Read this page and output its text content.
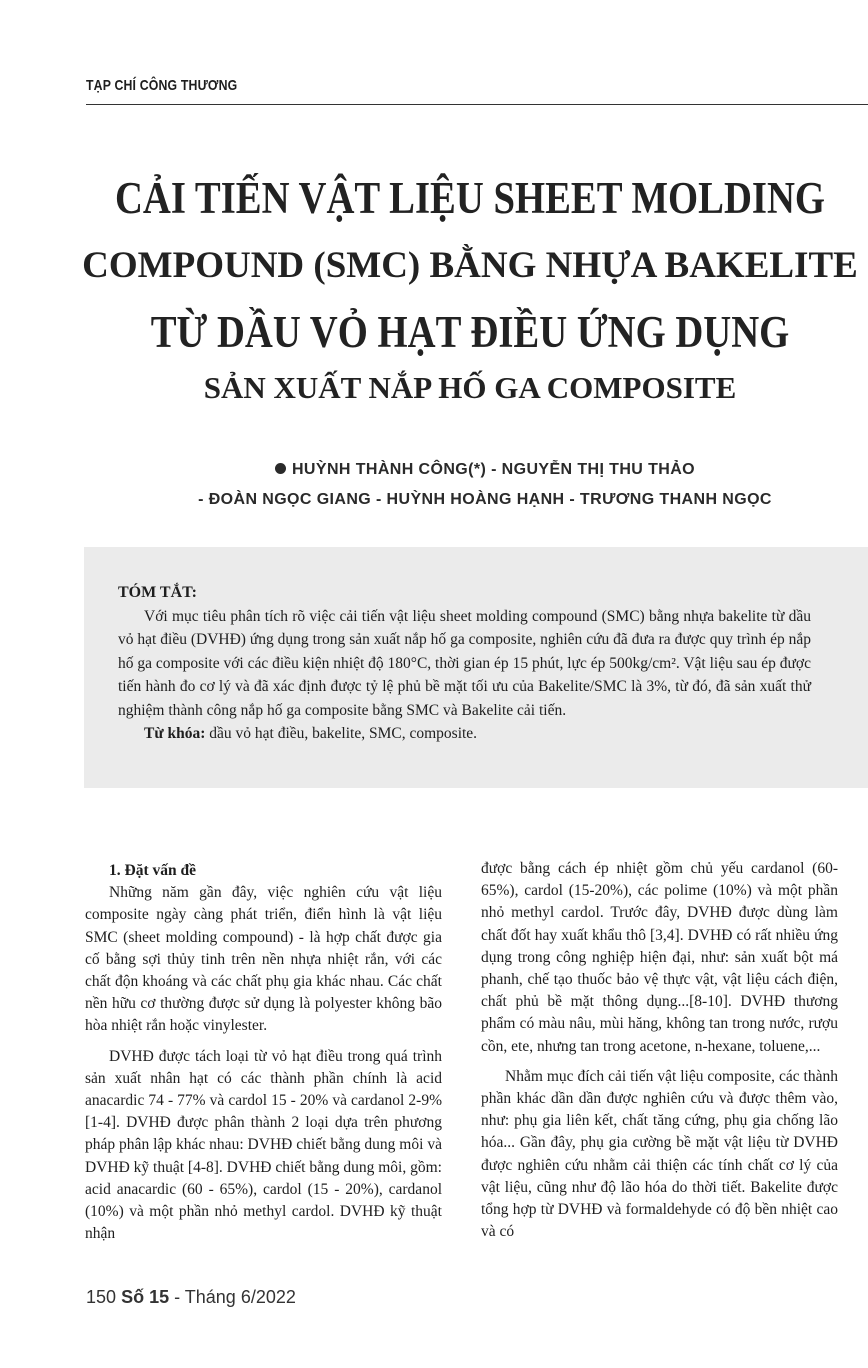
TẠP CHÍ CÔNG THƯƠNG
CẢI TIẾN VẬT LIỆU SHEET MOLDING
COMPOUND (SMC) BẰNG NHỰA BAKELITE
TỪ DẦU VỎ HẠT ĐIỀU ỨNG DỤNG
SẢN XUẤT NẮP HỐ GA COMPOSITE
HUỲNH THÀNH CÔNG(*) - NGUYỄN THỊ THU THẢO
- ĐOÀN NGỌC GIANG - HUỲNH HOÀNG HẠNH - TRƯƠNG THANH NGỌC
TÓM TẮT:

Với mục tiêu phân tích rõ việc cải tiến vật liệu sheet molding compound (SMC) bằng nhựa bakelite từ dầu vỏ hạt điều (DVHĐ) ứng dụng trong sản xuất nắp hố ga composite, nghiên cứu đã đưa ra được quy trình ép nắp hố ga composite với các điều kiện nhiệt độ 180°C, thời gian ép 15 phút, lực ép 500kg/cm². Vật liệu sau ép được tiến hành đo cơ lý và đã xác định được tỷ lệ phủ bề mặt tối ưu của Bakelite/SMC là 3%, từ đó, đã sản xuất thử nghiệm thành công nắp hố ga composite bằng SMC và Bakelite cải tiến.

Từ khóa: dầu vỏ hạt điều, bakelite, SMC, composite.

1. Đặt vấn đề

Những năm gần đây, việc nghiên cứu vật liệu composite ngày càng phát triển, điển hình là vật liệu SMC (sheet molding compound) - là hợp chất được gia cố bằng sợi thủy tinh trên nền nhựa nhiệt rắn, với các chất độn khoáng và các chất phụ gia khác nhau. Các chất nền hữu cơ thường được sử dụng là polyester không bão hòa nhiệt rắn hoặc vinylester.

DVHĐ được tách loại từ vỏ hạt điều trong quá trình sản xuất nhân hạt có các thành phần chính là acid anacardic 74 - 77% và cardol 15 - 20% và cardanol 2-9% [1-4]. DVHĐ được phân thành 2 loại dựa trên phương pháp phân lập khác nhau: DVHĐ chiết bằng dung môi và DVHĐ kỹ thuật [4-8]. DVHĐ chiết bằng dung môi, gồm: acid anacardic (60 - 65%), cardol (15 - 20%), cardanol (10%) và một phần nhỏ methyl cardol. DVHĐ kỹ thuật nhận

được bằng cách ép nhiệt gồm chủ yếu cardanol (60-65%), cardol (15-20%), các polime (10%) và một phần nhỏ methyl cardol. Trước đây, DVHĐ được dùng làm chất đốt hay xuất khẩu thô [3,4]. DVHĐ có rất nhiều ứng dụng trong công nghiệp hiện đại, như: sản xuất bột má phanh, chế tạo thuốc bảo vệ thực vật, vật liệu cách điện, chất phủ bề mặt thông dụng...[8-10]. DVHĐ thương phẩm có màu nâu, mùi hăng, không tan trong nước, rượu cồn, ete, nhưng tan trong acetone, n-hexane, toluene,...

Nhằm mục đích cải tiến vật liệu composite, các thành phần khác dần dần được nghiên cứu và được thêm vào, như: phụ gia liên kết, chất tăng cứng, phụ gia chống lão hóa... Gần đây, phụ gia cường bề mặt vật liệu từ DVHĐ được nghiên cứu nhằm cải thiện các tính chất cơ lý của vật liệu, cũng như độ lão hóa do thời tiết. Bakelite được tổng hợp từ DVHĐ và formaldehyde có độ bền nhiệt cao và có

150 Số 15 - Tháng 6/2022
